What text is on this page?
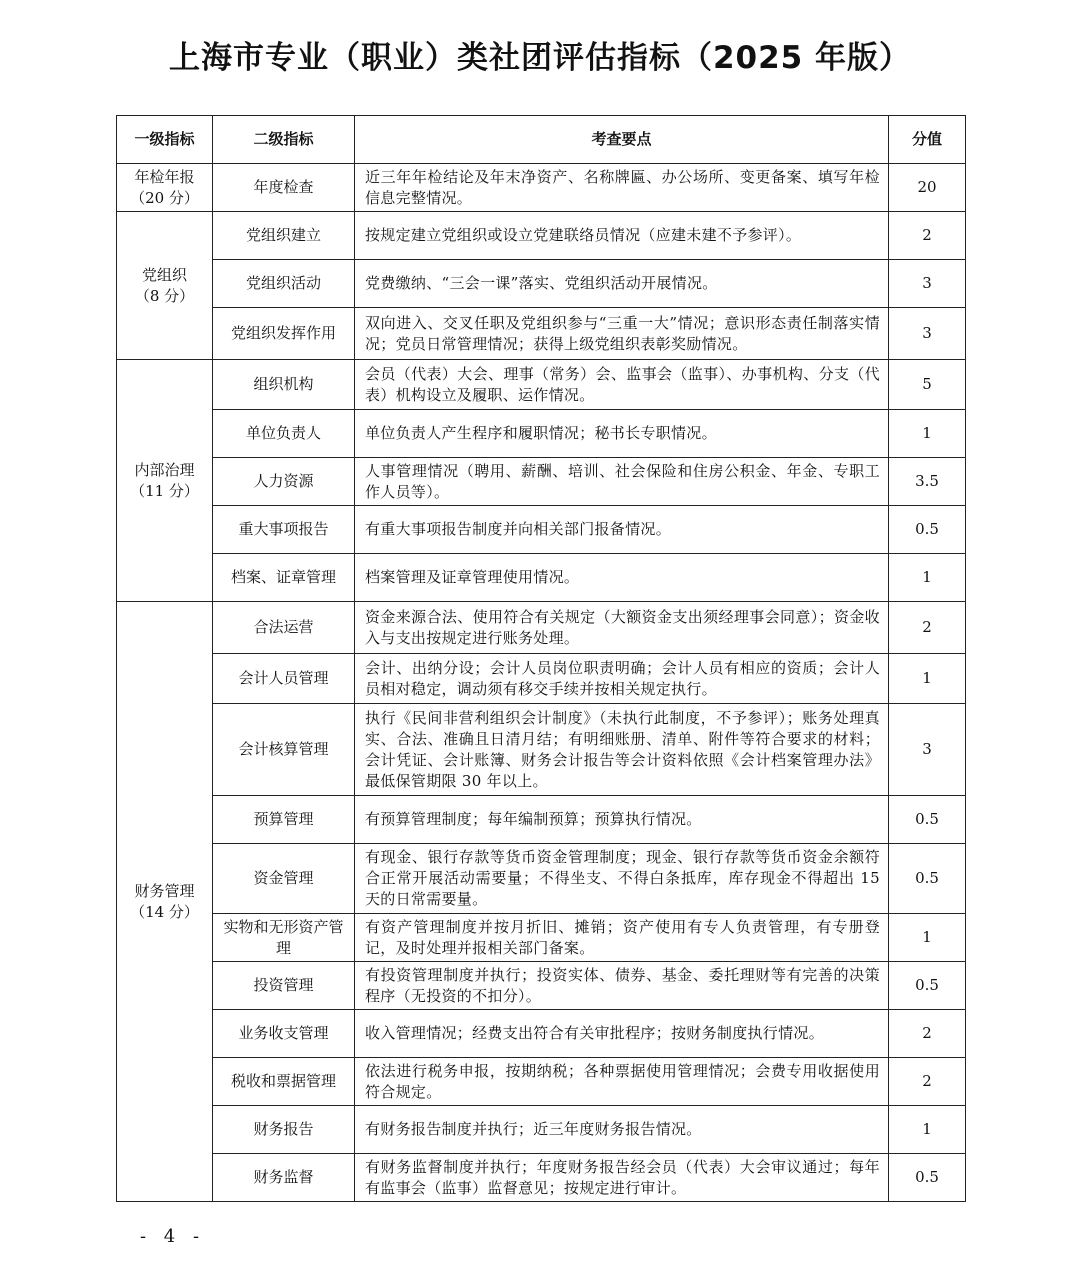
上海市专业（职业）类社团评估指标（2025 年版）
一级指标	二级指标	考查要点	分值

年检年报
（20 分）	年度检查	近三年年检结论及年末净资产、名称牌匾、办公场所、变更备案、填写年检信息完整情况。	20

党组织
（8 分）	党组织建立	按规定建立党组织或设立党建联络员情况（应建未建不予参评）。	2
	党组织活动	党费缴纳、“三会一课”落实、党组织活动开展情况。	3
	党组织发挥作用	双向进入、交叉任职及党组织参与“三重一大”情况；意识形态责任制落实情况；党员日常管理情况；获得上级党组织表彰奖励情况。	3

内部治理
（11 分）	组织机构	会员（代表）大会、理事（常务）会、监事会（监事）、办事机构、分支（代表）机构设立及履职、运作情况。	5
	单位负责人	单位负责人产生程序和履职情况；秘书长专职情况。	1
	人力资源	人事管理情况（聘用、薪酬、培训、社会保险和住房公积金、年金、专职工作人员等）。	3.5
	重大事项报告	有重大事项报告制度并向相关部门报备情况。	0.5
	档案、证章管理	档案管理及证章管理使用情况。	1

财务管理
（14 分）	合法运营	资金来源合法、使用符合有关规定（大额资金支出须经理事会同意）；资金收入与支出按规定进行账务处理。	2
	会计人员管理	会计、出纳分设；会计人员岗位职责明确；会计人员有相应的资质；会计人员相对稳定，调动须有移交手续并按相关规定执行。	1
	会计核算管理	执行《民间非营利组织会计制度》（未执行此制度，不予参评）；账务处理真实、合法、准确且日清月结；有明细账册、清单、附件等符合要求的材料；会计凭证、会计账簿、财务会计报告等会计资料依照《会计档案管理办法》最低保管期限 30 年以上。	3
	预算管理	有预算管理制度；每年编制预算；预算执行情况。	0.5
	资金管理	有现金、银行存款等货币资金管理制度；现金、银行存款等货币资金余额符合正常开展活动需要量；不得坐支、不得白条抵库，库存现金不得超出 15 天的日常需要量。	0.5
	实物和无形资产管理	有资产管理制度并按月折旧、摊销；资产使用有专人负责管理，有专册登记，及时处理并报相关部门备案。	1
	投资管理	有投资管理制度并执行；投资实体、债券、基金、委托理财等有完善的决策程序（无投资的不扣分）。	0.5
	业务收支管理	收入管理情况；经费支出符合有关审批程序；按财务制度执行情况。	2
	税收和票据管理	依法进行税务申报，按期纳税；各种票据使用管理情况；会费专用收据使用符合规定。	2
	财务报告	有财务报告制度并执行；近三年度财务报告情况。	1
	财务监督	有财务监督制度并执行；年度财务报告经会员（代表）大会审议通过；每年有监事会（监事）监督意见；按规定进行审计。	0.5
- 4 -
